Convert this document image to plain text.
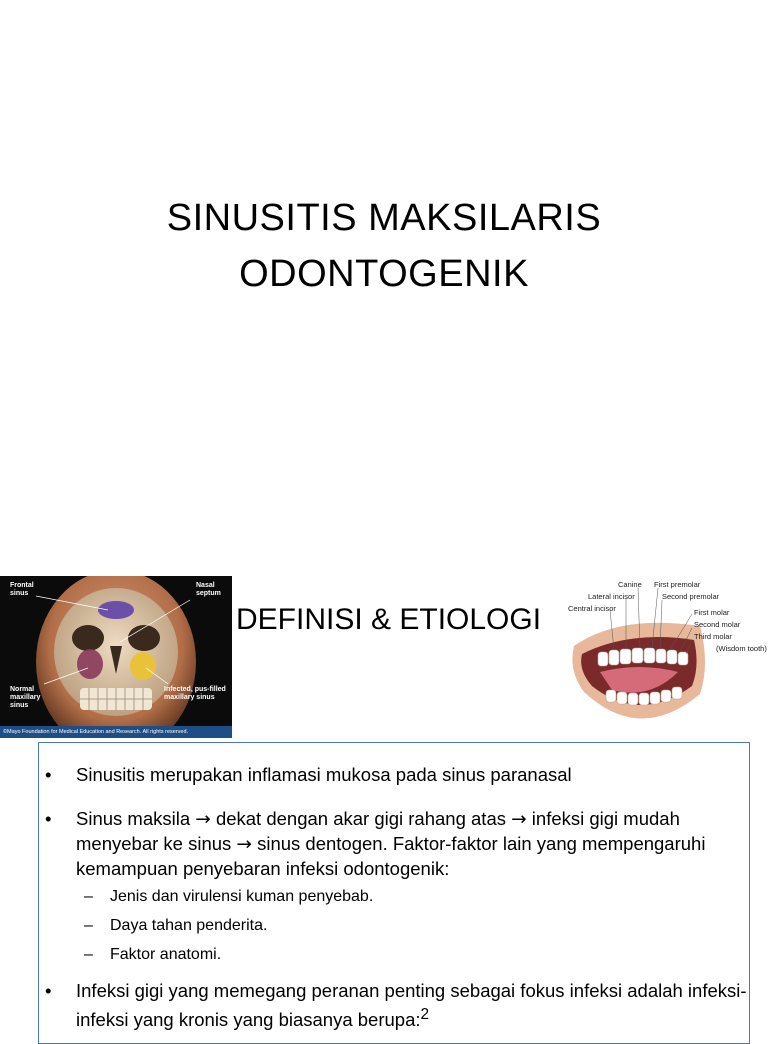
SINUSITIS MAKSILARIS
ODONTOGENIK
Frontal sinus
Nasal septum
Normal maxillary sinus
Infected, pus-filled maxillary sinus
©Mayo Foundation for Medical Education and Research. All rights reserved.
DEFINISI & ETIOLOGI
Canine First premolar
Lateral incisor	Second premolar
Central incisor	First molar
Second molar
Third molar
(Wisdom tooth)
• Sinusitis merupakan inflamasi mukosa pada sinus paranasal
• Sinus maksila → dekat dengan akar gigi rahang atas → infeksi gigi mudah menyebar ke sinus → sinus dentogen. Faktor-faktor lain yang mempengaruhi kemampuan penyebaran infeksi odontogenik:
– Jenis dan virulensi kuman penyebab.
– Daya tahan penderita.
– Faktor anatomi.
• Infeksi gigi yang memegang peranan penting sebagai fokus infeksi adalah infeksi-infeksi yang kronis yang biasanya berupa:$^2$
